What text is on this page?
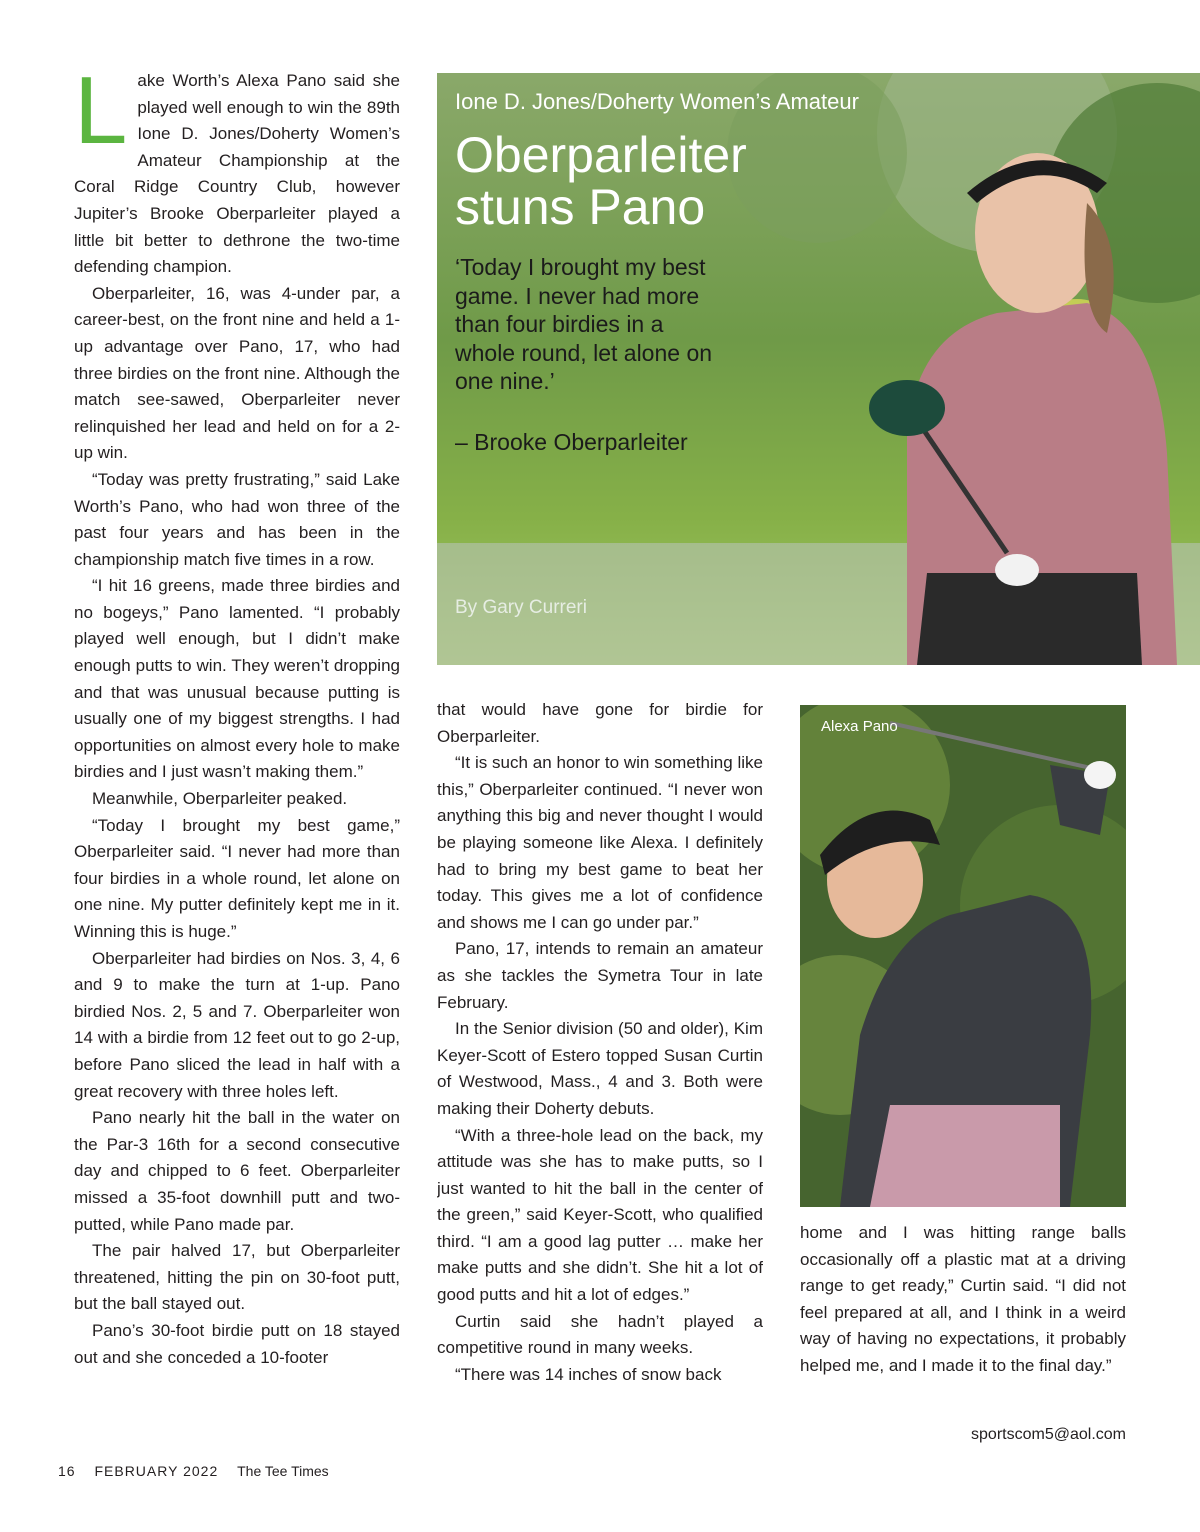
L ake Worth’s Alexa Pano said she played well enough to win the 89th Ione D. Jones/Doherty Women’s Amateur Championship at the Coral Ridge Country Club, however Jupiter’s Brooke Oberparleiter played a little bit better to dethrone the two-time defending champion.

Oberparleiter, 16, was 4-under par, a career-best, on the front nine and held a 1-up advantage over Pano, 17, who had three birdies on the front nine. Although the match see-sawed, Oberparleiter never relinquished her lead and held on for a 2-up win.

“Today was pretty frustrating,” said Lake Worth’s Pano, who had won three of the past four years and has been in the championship match five times in a row.

“I hit 16 greens, made three birdies and no bogeys,” Pano lamented. “I probably played well enough, but I didn’t make enough putts to win. They weren’t dropping and that was unusual because putting is usually one of my biggest strengths. I had opportunities on almost every hole to make birdies and I just wasn’t making them.”

Meanwhile, Oberparleiter peaked.

“Today I brought my best game,” Oberparleiter said. “I never had more than four birdies in a whole round, let alone on one nine. My putter definitely kept me in it. Winning this is huge.”

Oberparleiter had birdies on Nos. 3, 4, 6 and 9 to make the turn at 1-up. Pano birdied Nos. 2, 5 and 7. Oberparleiter won 14 with a birdie from 12 feet out to go 2-up, before Pano sliced the lead in half with a great recovery with three holes left.

Pano nearly hit the ball in the water on the Par-3 16th for a second consecutive day and chipped to 6 feet. Oberparleiter missed a 35-foot downhill putt and two-putted, while Pano made par.

The pair halved 17, but Oberparleiter threatened, hitting the pin on 30-foot putt, but the ball stayed out.

Pano’s 30-foot birdie putt on 18 stayed out and she conceded a 10-footer

Ione D. Jones/Doherty Women’s Amateur
Oberparleiter
stuns Pano
‘Today I brought my best game. I never had more than four birdies in a whole round, let alone on one nine.’
– Brooke Oberparleiter
By Gary Curreri

that would have gone for birdie for Oberparleiter.

“It is such an honor to win something like this,” Oberparleiter continued. “I never won anything this big and never thought I would be playing someone like Alexa. I definitely had to bring my best game to beat her today. This gives me a lot of confidence and shows me I can go under par.”

Pano, 17, intends to remain an amateur as she tackles the Symetra Tour in late February.

In the Senior division (50 and older), Kim Keyer-Scott of Estero topped Susan Curtin of Westwood, Mass., 4 and 3. Both were making their Doherty debuts.

“With a three-hole lead on the back, my attitude was she has to make putts, so I just wanted to hit the ball in the center of the green,” said Keyer-Scott, who qualified third. “I am a good lag putter … make her make putts and she didn’t. She hit a lot of good putts and hit a lot of edges.”

Curtin said she hadn’t played a competitive round in many weeks.

“There was 14 inches of snow back

Alexa Pano

home and I was hitting range balls occasionally off a plastic mat at a driving range to get ready,” Curtin said. “I did not feel prepared at all, and I think in a weird way of having no expectations, it probably helped me, and I made it to the final day.”

sportscom5@aol.com
16 FEBRUARY 2022 The Tee Times
